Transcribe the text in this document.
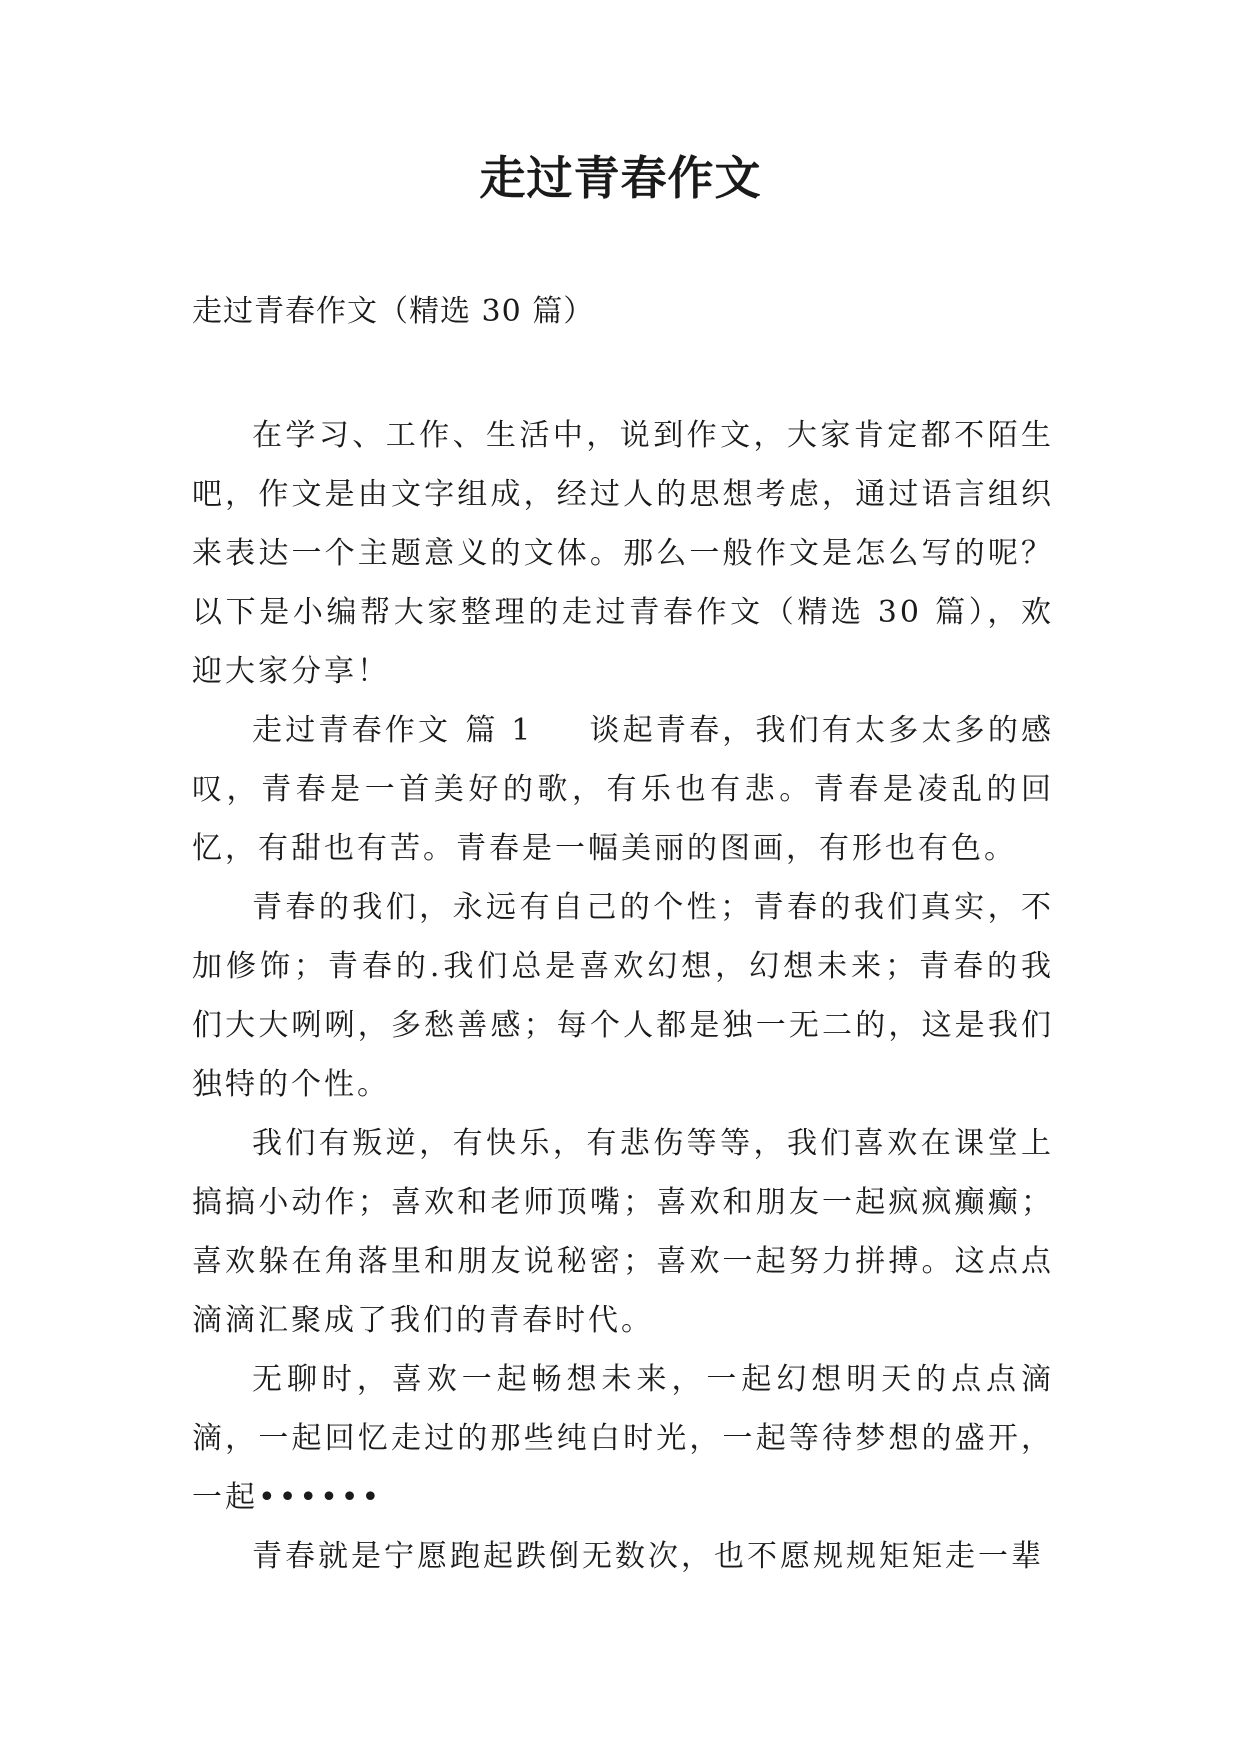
走过青春作文

走过青春作文（精选 30 篇）

在学习、工作、生活中，说到作文，大家肯定都不陌生吧，作文是由文字组成，经过人的思想考虑，通过语言组织来表达一个主题意义的文体。那么一般作文是怎么写的呢？以下是小编帮大家整理的走过青春作文（精选 30 篇），欢迎大家分享！

走过青春作文 篇 1 谈起青春，我们有太多太多的感叹，青春是一首美好的歌，有乐也有悲。青春是凌乱的回忆，有甜也有苦。青春是一幅美丽的图画，有形也有色。

青春的我们，永远有自己的个性；青春的我们真实，不加修饰；青春的.我们总是喜欢幻想，幻想未来；青春的我们大大咧咧，多愁善感；每个人都是独一无二的，这是我们独特的个性。

我们有叛逆，有快乐，有悲伤等等，我们喜欢在课堂上搞搞小动作；喜欢和老师顶嘴；喜欢和朋友一起疯疯癫癫；喜欢躲在角落里和朋友说秘密；喜欢一起努力拼搏。这点点滴滴汇聚成了我们的青春时代。

无聊时，喜欢一起畅想未来，一起幻想明天的点点滴滴，一起回忆走过的那些纯白时光，一起等待梦想的盛开，一起••••••

青春就是宁愿跑起跌倒无数次，也不愿规规矩矩走一辈
